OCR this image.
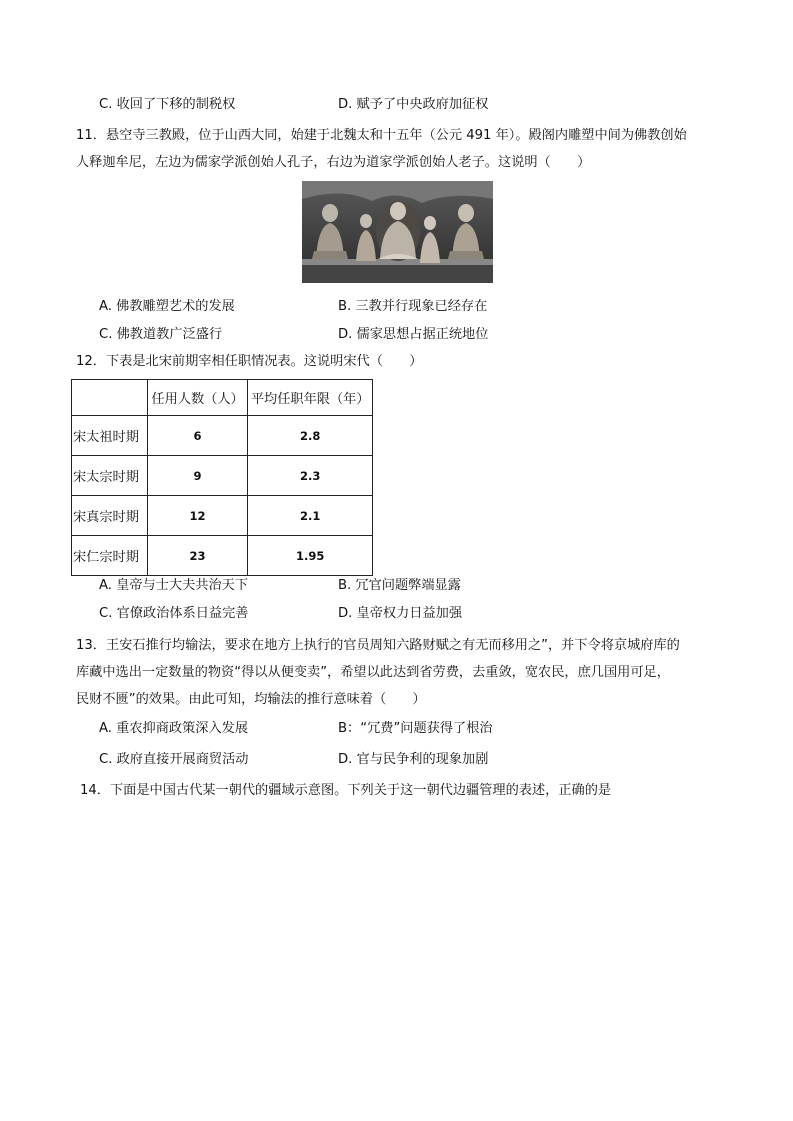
C. 收回了下移的制税权	D. 赋予了中央政府加征权
11．悬空寺三教殿，位于山西大同，始建于北魏太和十五年（公元 491 年）。殿阁内雕塑中间为佛教创始
人释迦牟尼，左边为儒家学派创始人孔子，右边为道家学派创始人老子。这说明（　　）
A. 佛教雕塑艺术的发展	B. 三教并行现象已经存在
C. 佛教道教广泛盛行	D. 儒家思想占据正统地位
12．下表是北宋前期宰相任职情况表。这说明宋代（　　）
	任用人数（人）	平均任职年限（年）
宋太祖时期	6	2.8
宋太宗时期	9	2.3
宋真宗时期	12	2.1
宋仁宗时期	23	1.95
A. 皇帝与士大夫共治天下	B. 冗官问题弊端显露
C. 官僚政治体系日益完善	D. 皇帝权力日益加强
13．王安石推行均输法，要求在地方上执行的官员周知六路财赋之有无而移用之”，并下令将京城府库的
库藏中选出一定数量的物资“得以从便变卖”，希望以此达到省劳费，去重敛，宽农民，庶几国用可足，
民财不匮”的效果。由此可知，均输法的推行意味着（　　）
A. 重农抑商政策深入发展	B：“冗费”问题获得了根治
C. 政府直接开展商贸活动	D. 官与民争利的现象加剧
14．下面是中国古代某一朝代的疆域示意图。下列关于这一朝代边疆管理的表述，正确的是
